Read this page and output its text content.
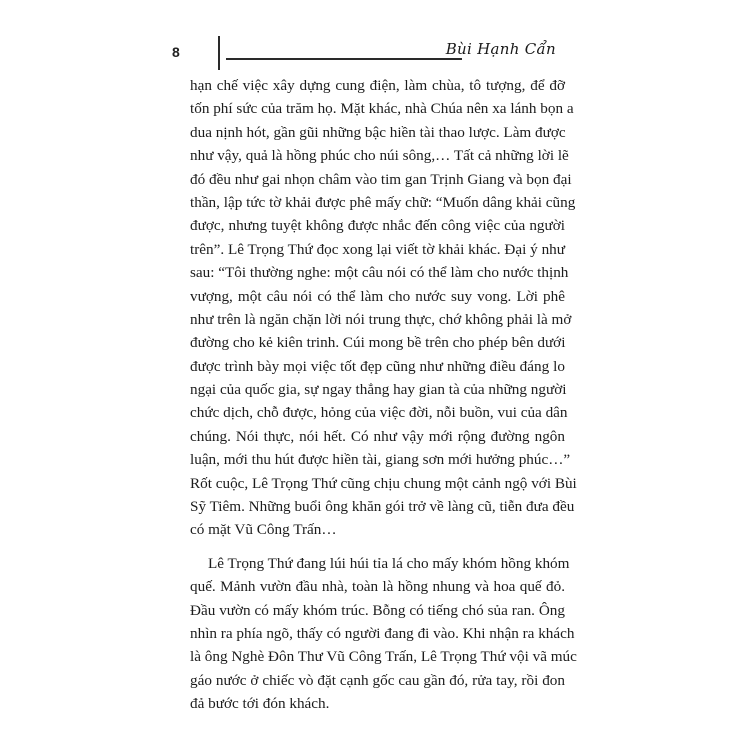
8	Bùi Hạnh Cẩn
hạn chế việc xây dựng cung điện, làm chùa, tô tượng, để đỡ
tốn phí sức của trăm họ. Mặt khác, nhà Chúa nên xa lánh bọn a
dua nịnh hót, gần gũi những bậc hiền tài thao lược. Làm được
như vậy, quả là hồng phúc cho núi sông,… Tất cả những lời lẽ
đó đều như gai nhọn châm vào tim gan Trịnh Giang và bọn đại
thần, lập tức tờ khải được phê mấy chữ: “Muốn dâng khải cũng
được, nhưng tuyệt không được nhắc đến công việc của người
trên”. Lê Trọng Thứ đọc xong lại viết tờ khải khác. Đại ý như
sau: “Tôi thường nghe: một câu nói có thể làm cho nước thịnh
vượng, một câu nói có thể làm cho nước suy vong. Lời phê
như trên là ngăn chặn lời nói trung thực, chớ không phải là mở
đường cho kẻ kiên trinh. Cúi mong bề trên cho phép bên dưới
được trình bày mọi việc tốt đẹp cũng như những điều đáng lo
ngại của quốc gia, sự ngay thẳng hay gian tà của những người
chức dịch, chỗ được, hỏng của việc đời, nỗi buồn, vui của dân
chúng. Nói thực, nói hết. Có như vậy mới rộng đường ngôn
luận, mới thu hút được hiền tài, giang sơn mới hưởng phúc…”
Rốt cuộc, Lê Trọng Thứ cũng chịu chung một cảnh ngộ với Bùi
Sỹ Tiêm. Những buổi ông khăn gói trở về làng cũ, tiễn đưa đều
có mặt Vũ Công Trấn…
Lê Trọng Thứ đang lúi húi tỉa lá cho mấy khóm hồng khóm
quế. Mảnh vườn đầu nhà, toàn là hồng nhung và hoa quế đỏ.
Đầu vườn có mấy khóm trúc. Bỗng có tiếng chó sủa ran. Ông
nhìn ra phía ngõ, thấy có người đang đi vào. Khi nhận ra khách
là ông Nghè Đôn Thư Vũ Công Trấn, Lê Trọng Thứ vội vã múc
gáo nước ở chiếc vò đặt cạnh gốc cau gần đó, rửa tay, rồi đon
đả bước tới đón khách.
